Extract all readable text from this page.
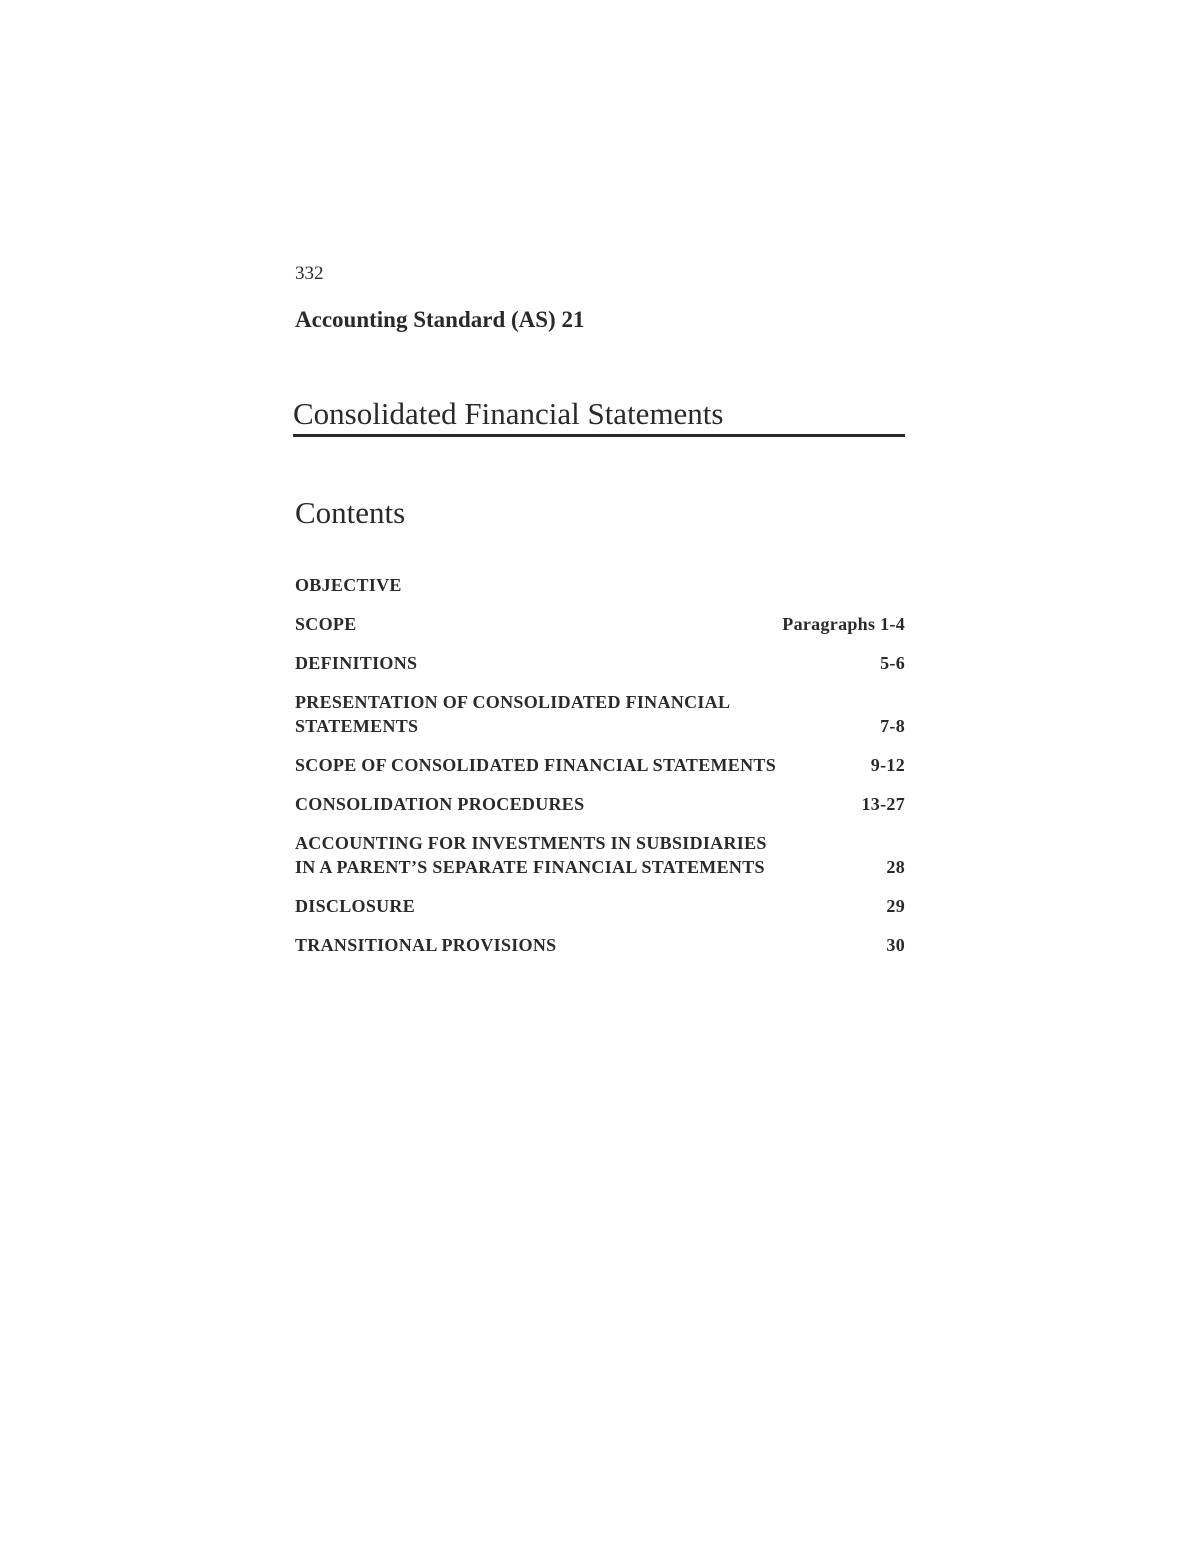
332
Accounting Standard (AS) 21
Consolidated Financial Statements
Contents
OBJECTIVE
SCOPE	Paragraphs 1-4
DEFINITIONS	5-6
PRESENTATION OF CONSOLIDATED FINANCIAL
STATEMENTS	7-8
SCOPE OF CONSOLIDATED FINANCIAL STATEMENTS	9-12
CONSOLIDATION PROCEDURES	13-27
ACCOUNTING FOR INVESTMENTS IN SUBSIDIARIES
IN A PARENT’S SEPARATE FINANCIAL STATEMENTS	28
DISCLOSURE	29
TRANSITIONAL PROVISIONS	30
